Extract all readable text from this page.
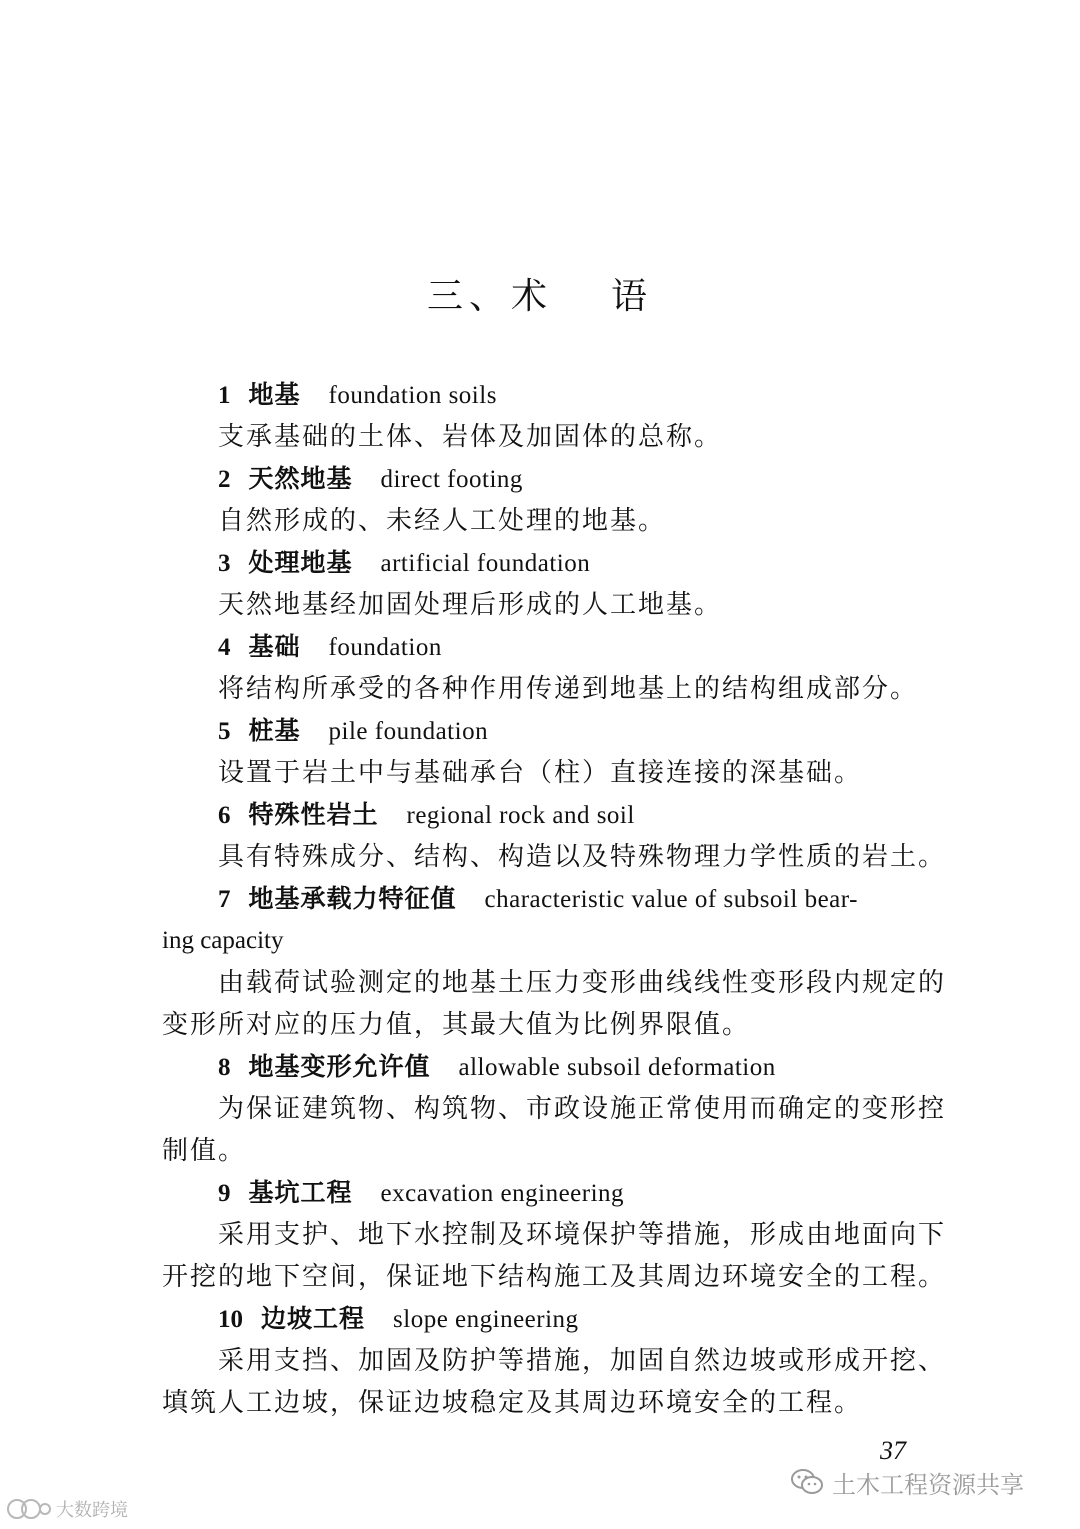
三、术 语
1 地基 foundation soils
支承基础的土体、岩体及加固体的总称。
2 天然地基 direct footing
自然形成的、未经人工处理的地基。
3 处理地基 artificial foundation
天然地基经加固处理后形成的人工地基。
4 基础 foundation
将结构所承受的各种作用传递到地基上的结构组成部分。
5 桩基 pile foundation
设置于岩土中与基础承台（柱）直接连接的深基础。
6 特殊性岩土 regional rock and soil
具有特殊成分、结构、构造以及特殊物理力学性质的岩土。
7 地基承载力特征值 characteristic value of subsoil bear-
ing capacity
由载荷试验测定的地基土压力变形曲线线性变形段内规定的
变形所对应的压力值，其最大值为比例界限值。
8 地基变形允许值 allowable subsoil deformation
为保证建筑物、构筑物、市政设施正常使用而确定的变形控
制值。
9 基坑工程 excavation engineering
采用支护、地下水控制及环境保护等措施，形成由地面向下
开挖的地下空间，保证地下结构施工及其周边环境安全的工程。
10 边坡工程 slope engineering
采用支挡、加固及防护等措施，加固自然边坡或形成开挖、
填筑人工边坡，保证边坡稳定及其周边环境安全的工程。
37
土木工程资源共享
大数跨境
